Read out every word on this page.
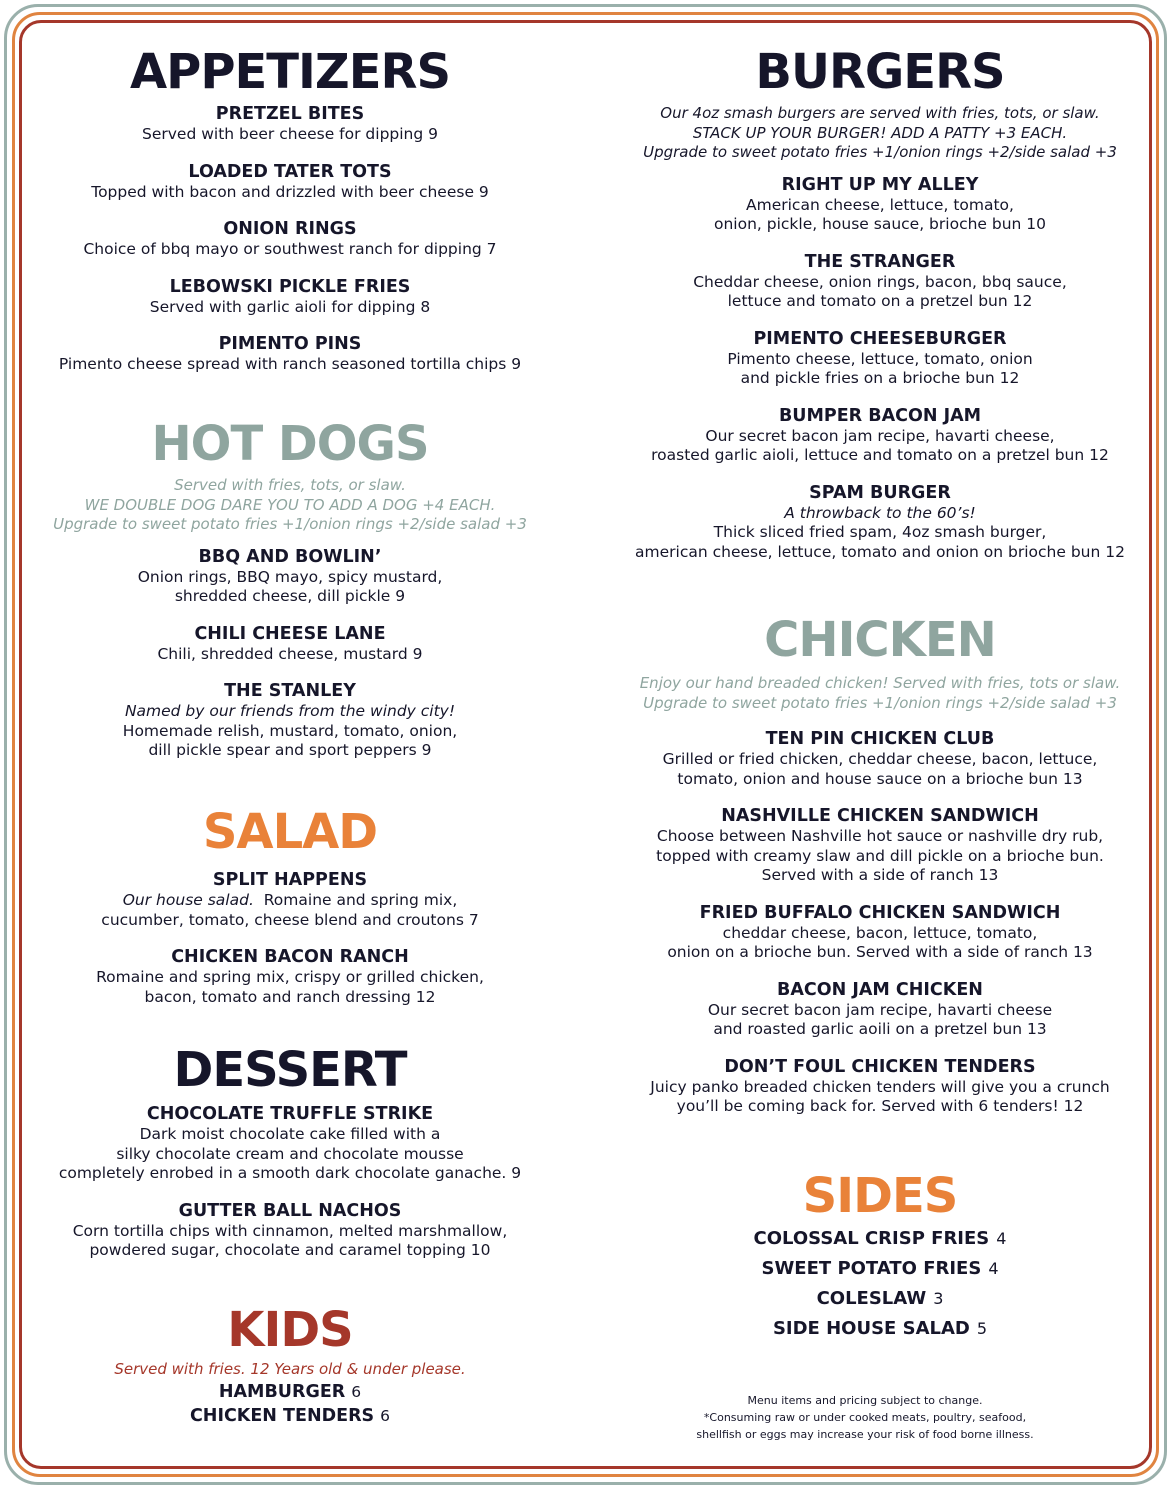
APPETIZERS
PRETZEL BITES
Served with beer cheese for dipping 9
LOADED TATER TOTS
Topped with bacon and drizzled with beer cheese 9
ONION RINGS
Choice of bbq mayo or southwest ranch for dipping 7
LEBOWSKI PICKLE FRIES
Served with garlic aioli for dipping 8
PIMENTO PINS
Pimento cheese spread with ranch seasoned tortilla chips 9
HOT DOGS
Served with fries, tots, or slaw.
WE DOUBLE DOG DARE YOU TO ADD A DOG +4 EACH.
Upgrade to sweet potato fries +1/onion rings +2/side salad +3
BBQ AND BOWLIN’
Onion rings, BBQ mayo, spicy mustard,
shredded cheese, dill pickle 9
CHILI CHEESE LANE
Chili, shredded cheese, mustard 9
THE STANLEY
Named by our friends from the windy city!
Homemade relish, mustard, tomato, onion,
dill pickle spear and sport peppers 9
SALAD
SPLIT HAPPENS
Our house salad. Romaine and spring mix,
cucumber, tomato, cheese blend and croutons 7
CHICKEN BACON RANCH
Romaine and spring mix, crispy or grilled chicken,
bacon, tomato and ranch dressing 12
DESSERT
CHOCOLATE TRUFFLE STRIKE
Dark moist chocolate cake filled with a
silky chocolate cream and chocolate mousse
completely enrobed in a smooth dark chocolate ganache. 9
GUTTER BALL NACHOS
Corn tortilla chips with cinnamon, melted marshmallow,
powdered sugar, chocolate and caramel topping 10
KIDS
Served with fries. 12 Years old & under please.
HAMBURGER 6
CHICKEN TENDERS 6
BURGERS
Our 4oz smash burgers are served with fries, tots, or slaw.
STACK UP YOUR BURGER! ADD A PATTY +3 EACH.
Upgrade to sweet potato fries +1/onion rings +2/side salad +3
RIGHT UP MY ALLEY
American cheese, lettuce, tomato,
onion, pickle, house sauce, brioche bun 10
THE STRANGER
Cheddar cheese, onion rings, bacon, bbq sauce,
lettuce and tomato on a pretzel bun 12
PIMENTO CHEESEBURGER
Pimento cheese, lettuce, tomato, onion
and pickle fries on a brioche bun 12
BUMPER BACON JAM
Our secret bacon jam recipe, havarti cheese,
roasted garlic aioli, lettuce and tomato on a pretzel bun 12
SPAM BURGER
A throwback to the 60’s!
Thick sliced fried spam, 4oz smash burger,
american cheese, lettuce, tomato and onion on brioche bun 12
CHICKEN
Enjoy our hand breaded chicken! Served with fries, tots or slaw.
Upgrade to sweet potato fries +1/onion rings +2/side salad +3
TEN PIN CHICKEN CLUB
Grilled or fried chicken, cheddar cheese, bacon, lettuce,
tomato, onion and house sauce on a brioche bun 13
NASHVILLE CHICKEN SANDWICH
Choose between Nashville hot sauce or nashville dry rub,
topped with creamy slaw and dill pickle on a brioche bun.
Served with a side of ranch 13
FRIED BUFFALO CHICKEN SANDWICH
cheddar cheese, bacon, lettuce, tomato,
onion on a brioche bun. Served with a side of ranch 13
BACON JAM CHICKEN
Our secret bacon jam recipe, havarti cheese
and roasted garlic aoili on a pretzel bun 13
DON’T FOUL CHICKEN TENDERS
Juicy panko breaded chicken tenders will give you a crunch
you’ll be coming back for. Served with 6 tenders! 12
SIDES
COLOSSAL CRISP FRIES 4
SWEET POTATO FRIES 4
COLESLAW 3
SIDE HOUSE SALAD 5
Menu items and pricing subject to change.
*Consuming raw or under cooked meats, poultry, seafood,
shellfish or eggs may increase your risk of food borne illness.
